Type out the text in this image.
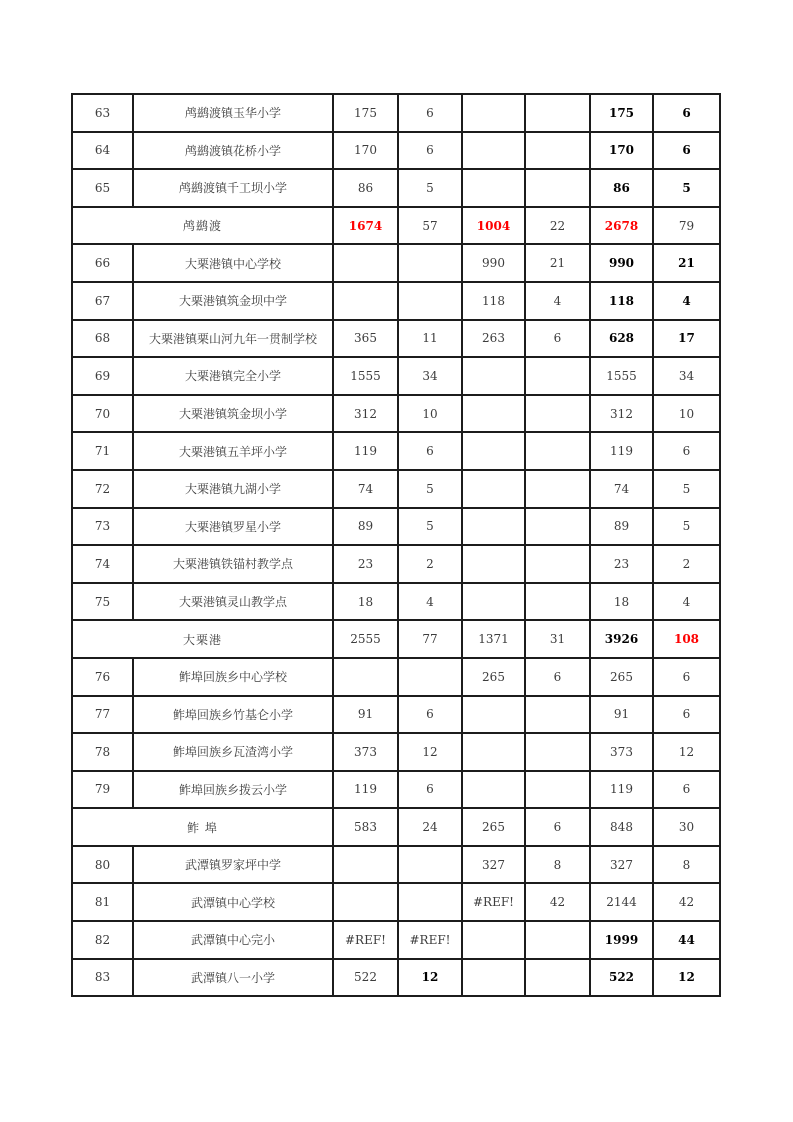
63	鸬鹚渡镇玉华小学	175	6			175	6
64	鸬鹚渡镇花桥小学	170	6			170	6
65	鸬鹚渡镇千工坝小学	86	5			86	5
鸬鹚渡		1674	57	1004	22	2678	79
66	大栗港镇中心学校			990	21	990	21
67	大栗港镇筑金坝中学			118	4	118	4
68	大栗港镇栗山河九年一贯制学校	365	11	263	6	628	17
69	大栗港镇完全小学	1555	34			1555	34
70	大栗港镇筑金坝小学	312	10			312	10
71	大栗港镇五羊坪小学	119	6			119	6
72	大栗港镇九湖小学	74	5			74	5
73	大栗港镇罗星小学	89	5			89	5
74	大栗港镇铁锚村教学点	23	2			23	2
75	大栗港镇灵山教学点	18	4			18	4
大栗港		2555	77	1371	31	3926	108
76	鲊埠回族乡中心学校			265	6	265	6
77	鲊埠回族乡竹基仑小学	91	6			91	6
78	鲊埠回族乡瓦渣湾小学	373	12			373	12
79	鲊埠回族乡拨云小学	119	6			119	6
鲊 埠		583	24	265	6	848	30
80	武潭镇罗家坪中学			327	8	327	8
81	武潭镇中心学校			#REF!	42	2144	42
82	武潭镇中心完小	#REF!	#REF!			1999	44
83	武潭镇八一小学	522	12			522	12
